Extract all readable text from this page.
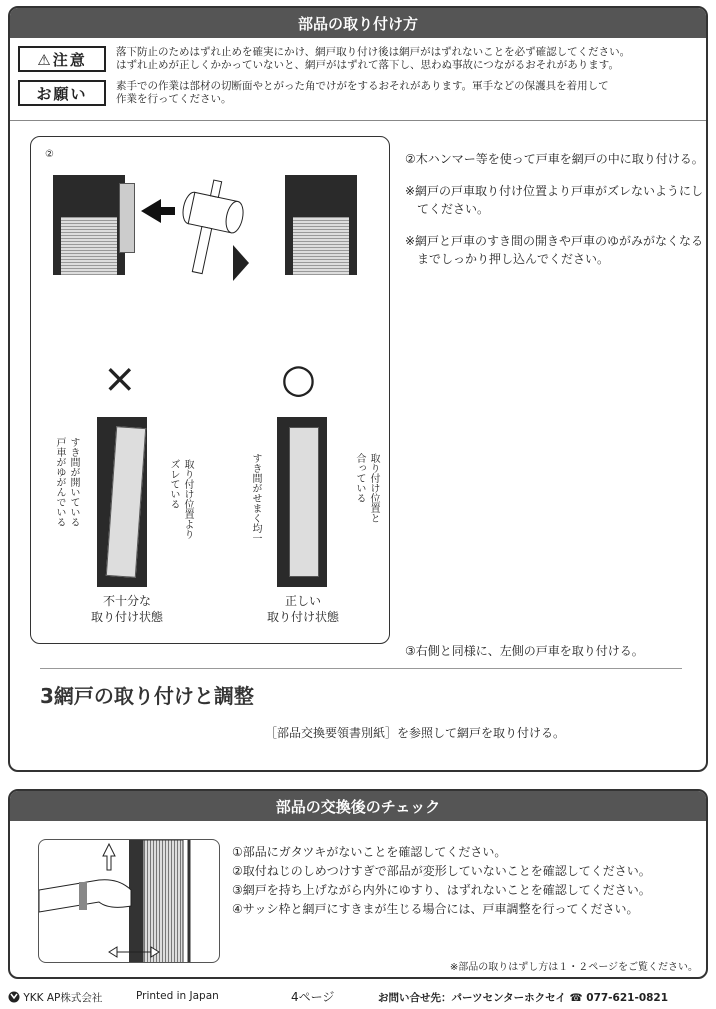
部品の取り付け方
⚠注意	落下防止のためはずれ止めを確実にかけ、網戸取り付け後は網戸がはずれないことを必ず確認してください。
はずれ止めが正しくかかっていないと、網戸がはずれて落下し、思わぬ事故につながるおそれがあります。
お願い	素手での作業は部材の切断面やとがった角でけがをするおそれがあります。軍手などの保護具を着用して
作業を行ってください。
②
×	○
戸車がゆがんでいる すき間が開いている	取り付け位置より
ズレている
不十分な
取り付け状態
すき間がせまく均一	取り付け位置と
合っている
正しい
取り付け状態

②木ハンマー等を使って戸車を網戸の中に取り付ける。

※網戸の戸車取り付け位置より戸車がズレないようにしてください。

※網戸と戸車のすき間の開きや戸車のゆがみがなくなるまでしっかり押し込んでください。

③右側と同様に、左側の戸車を取り付ける。
3網戸の取り付けと調整
［部品交換要領書別紙］を参照して網戸を取り付ける。
部品の交換後のチェック
①部品にガタツキがないことを確認してください。
②取付ねじのしめつけすぎで部品が変形していないことを確認してください。
③網戸を持ち上げながら内外にゆすり、はずれないことを確認してください。
④サッシ枠と網戸にすきまが生じる場合には、戸車調整を行ってください。
※部品の取りはずし方は１・２ページをご覧ください。
YKK AP株式会社	Printed in Japan	4ページ	お問い合せ先：パーツセンターホクセイ ☎ 077-621-0821
